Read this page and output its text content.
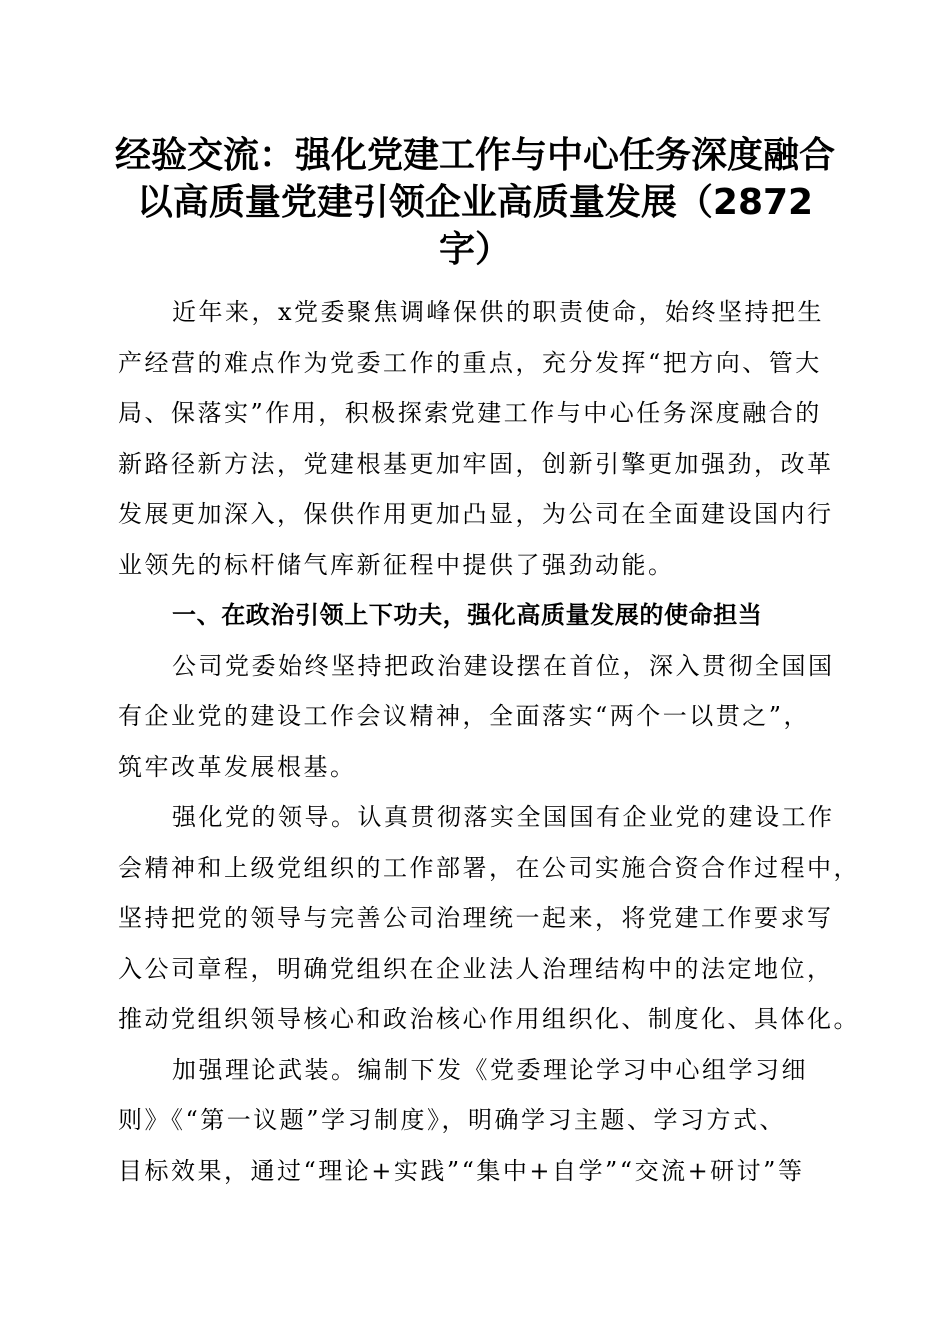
经验交流：强化党建工作与中心任务深度融合
以高质量党建引领企业高质量发展（2872
字）

近年来，x党委聚焦调峰保供的职责使命，始终坚持把生
产经营的难点作为党委工作的重点，充分发挥“把方向、管大
局、保落实”作用，积极探索党建工作与中心任务深度融合的
新路径新方法，党建根基更加牢固，创新引擎更加强劲，改革
发展更加深入，保供作用更加凸显，为公司在全面建设国内行
业领先的标杆储气库新征程中提供了强劲动能。

一、在政治引领上下功夫，强化高质量发展的使命担当

公司党委始终坚持把政治建设摆在首位，深入贯彻全国国
有企业党的建设工作会议精神，全面落实“两个一以贯之”，
筑牢改革发展根基。

强化党的领导。认真贯彻落实全国国有企业党的建设工作
会精神和上级党组织的工作部署，在公司实施合资合作过程中，
坚持把党的领导与完善公司治理统一起来，将党建工作要求写
入公司章程，明确党组织在企业法人治理结构中的法定地位，
推动党组织领导核心和政治核心作用组织化、制度化、具体化。

加强理论武装。编制下发《党委理论学习中心组学习细
则》《“第一议题”学习制度》，明确学习主题、学习方式、
目标效果，通过“理论+实践”“集中+自学”“交流+研讨”等
